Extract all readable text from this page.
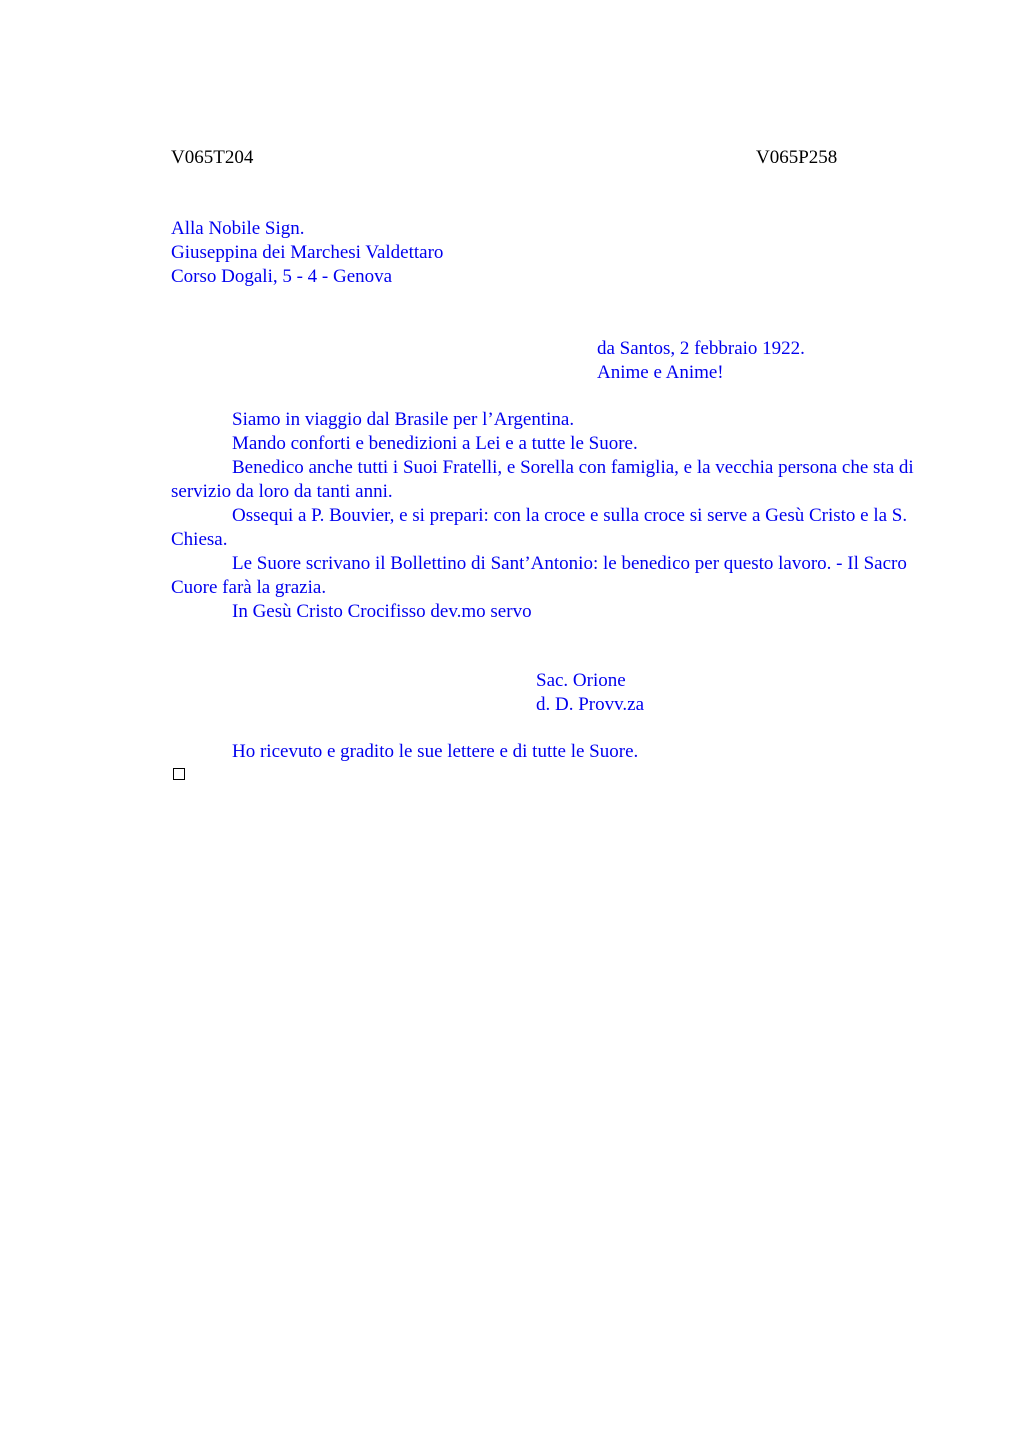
V065T204	V065P258
Alla Nobile Sign.
Giuseppina dei Marchesi Valdettaro
Corso Dogali, 5 - 4 - Genova
da Santos, 2 febbraio 1922.
Anime e Anime!

Siamo in viaggio dal Brasile per l’Argentina.

Mando conforti e benedizioni a Lei e a tutte le Suore.

Benedico anche tutti i Suoi Fratelli, e Sorella con famiglia, e la vecchia persona che sta di servizio da loro da tanti anni.

Ossequi a P. Bouvier, e si prepari: con la croce e sulla croce si serve a Gesù Cristo e la S. Chiesa.

Le Suore scrivano il Bollettino di Sant’Antonio: le benedico per questo lavoro. - Il Sacro Cuore farà la grazia.

In Gesù Cristo Crocifisso dev.mo servo

Sac. Orione
d. D. Provv.za
Ho ricevuto e gradito le sue lettere e di tutte le Suore.
